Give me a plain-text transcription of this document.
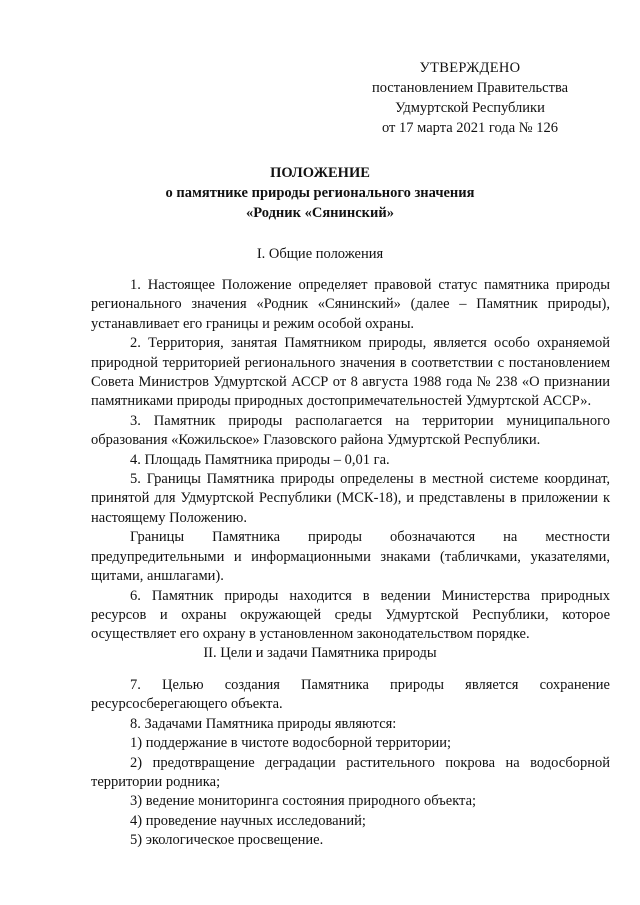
УТВЕРЖДЕНО
постановлением Правительства
Удмуртской Республики
от 17 марта 2021 года № 126
ПОЛОЖЕНИЕ
о памятнике природы регионального значения
«Родник «Сянинский»
I. Общие положения

1. Настоящее Положение определяет правовой статус памятника природы регионального значения «Родник «Сянинский» (далее – Памятник природы), устанавливает его границы и режим особой охраны.

2. Территория, занятая Памятником природы, является особо охраняемой природной территорией регионального значения в соответствии с постановлением Совета Министров Удмуртской АССР от 8 августа 1988 года № 238 «О признании памятниками природы природных достопримечательностей Удмуртской АССР».

3. Памятник природы располагается на территории муниципального образования «Кожильское» Глазовского района Удмуртской Республики.

4. Площадь Памятника природы – 0,01 га.

5. Границы Памятника природы определены в местной системе координат, принятой для Удмуртской Республики (МСК-18), и представлены в приложении к настоящему Положению.

Границы Памятника природы обозначаются на местности предупредительными и информационными знаками (табличками, указателями, щитами, аншлагами).

6. Памятник природы находится в ведении Министерства природных ресурсов и охраны окружающей среды Удмуртской Республики, которое осуществляет его охрану в установленном законодательством порядке.

II. Цели и задачи Памятника природы

7. Целью создания Памятника природы является сохранение ресурсосберегающего объекта.

8. Задачами Памятника природы являются:

1) поддержание в чистоте водосборной территории;

2) предотвращение деградации растительного покрова на водосборной территории родника;

3) ведение мониторинга состояния природного объекта;

4) проведение научных исследований;

5) экологическое просвещение.
